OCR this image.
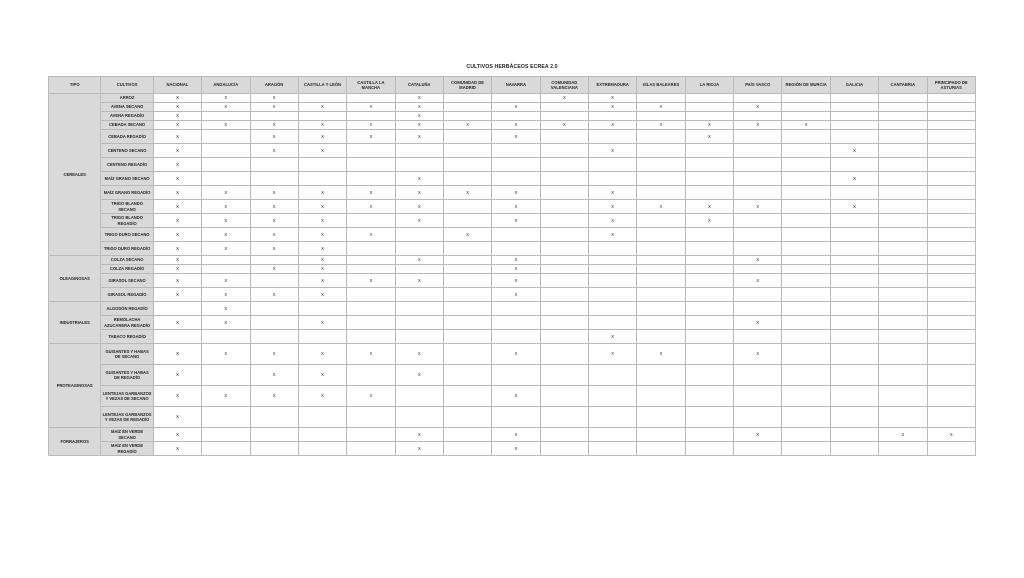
CULTIVOS HERBÁCEOS ECREA 2.0
TIPO	CULTIVOS	NACIONAL	ANDALUCÍA	ARAGÓN	CASTILLA Y LEÓN	CASTILLA LA MANCHA	CATALUÑA	COMUNIDAD DE MADRID	NAVARRA	COMUNIDAD VALENCIANA	EXTREMADURA	ISLAS BALEARES	LA RIOJA	PAÍS VASCO	REGIÓN DE MURCIA	GALICIA	CANTABRIA	PRINCIPADO DE ASTURIAS
CEREALES	ARROZ	X	X	X			X			X	X							
	AVENA SECANO	X	X	X	X	X	X		X		X	X		X				
	AVENA REGADÍO	X					X											
	CEBADA SECANO	X	X	X	X	X	X	X	X	X	X	X	X	X	X			
	CEBADA REGADÍO	X		X	X	X	X		X				X					
	CENTENO SECANO	X		X	X						X					X		
	CENTENO REGADÍO	X																
	MAÍZ GRANO SECANO	X					X									X		
	MAÍZ GRANO REGADÍO	X	X	X	X	X	X	X	X		X							
	TRIGO BLANDO SECANO	X	X	X	X	X	X		X		X	X	X	X		X		
	TRIGO BLANDO REGADÍO	X	X	X	X		X		X		X		X					
	TRIGO DURO SECANO	X	X	X	X	X		X			X							
	TRIGO DURO REGADÍO	X	X	X	X													
OLEAGINOSAS	COLZA SECANO	X			X		X		X					X				
	COLZA REGADÍO	X		X	X				X									
	GIRASOL SECANO	X	X		X	X	X		X					X				
	GIRASOL REGADÍO	X	X	X	X				X									
INDUSTRIALES	ALGODÓN REGADÍO		X															
	REMOLACHA AZUCARERA REGADÍO	X	X		X									X				
	TABACO REGADÍO										X							
PROTEAGINOSAS	GUISANTES Y HABAS DE SECANO	X	X	X	X	X	X		X		X	X		X				
	GUISANTES Y HABAS DE REGADÍO	X		X	X		X											
	LENTEJAS GARBANZOS Y VEZAS DE SECANO	X	X	X	X	X			X									
	LENTEJAS GARBANZOS Y VEZAS DE REGADÍO	X																
FORRAJEROS	MAÍZ EN VERDE SECANO	X					X		X					X			X	X
	MAÍZ EN VERDE REGADÍO	X					X		X									
